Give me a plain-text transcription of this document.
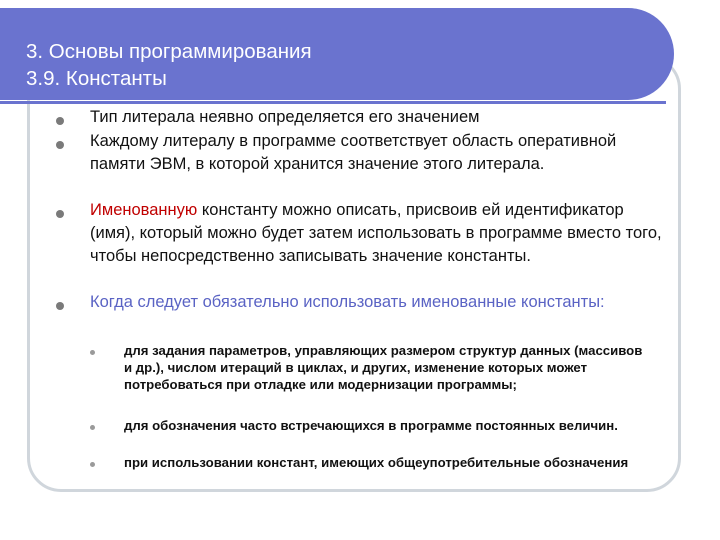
3. Основы программирования
3.9. Константы
Тип литерала неявно определяется его значением
Каждому литералу в программе соответствует область оперативной памяти ЭВМ, в которой хранится значение этого литерала.
Именованную константу можно описать, присвоив ей идентификатор (имя), который можно будет затем использовать в программе вместо того, чтобы непосредственно записывать значение константы.
Когда следует обязательно использовать именованные константы:
для задания параметров, управляющих размером структур данных (массивов и др.), числом итераций в циклах, и других, изменение которых может потребоваться при отладке или модернизации программы;
для обозначения часто встречающихся в программе постоянных величин.
при использовании констант, имеющих общеупотребительные обозначения
